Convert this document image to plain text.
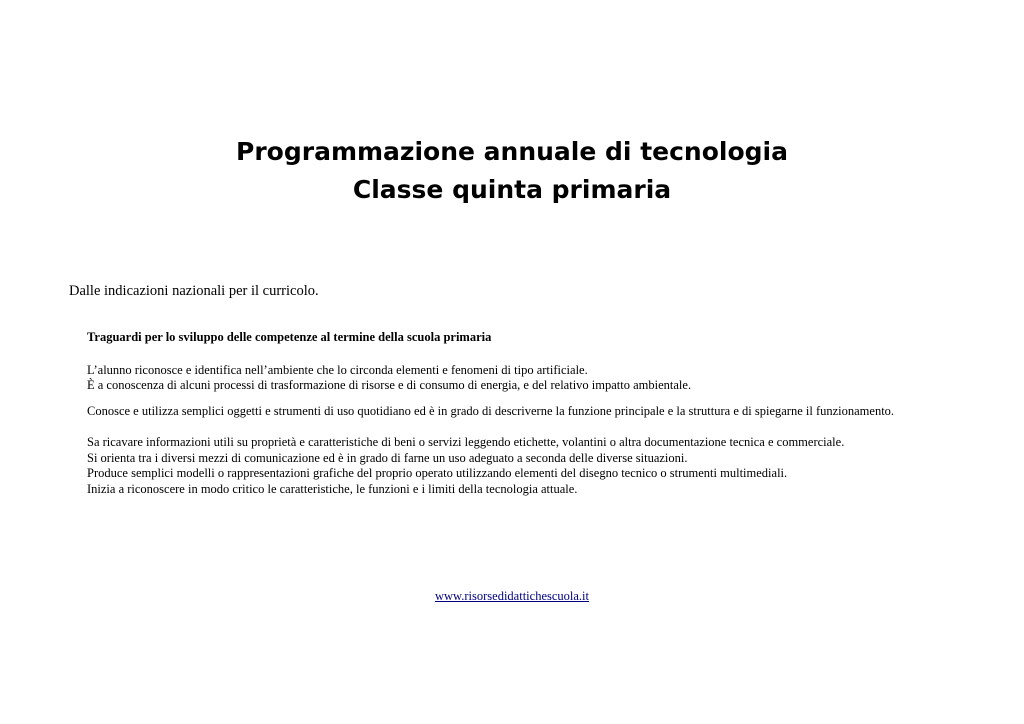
Programmazione annuale di tecnologia
Classe quinta primaria

Dalle indicazioni nazionali per il curricolo.

Traguardi per lo sviluppo delle competenze al termine della scuola primaria

L’alunno riconosce e identifica nell’ambiente che lo circonda elementi e fenomeni di tipo artificiale.

È a conoscenza di alcuni processi di trasformazione di risorse e di consumo di energia, e del relativo impatto ambientale.

Conosce e utilizza semplici oggetti e strumenti di uso quotidiano ed è in grado di descriverne la funzione principale e la struttura e di spiegarne il funzionamento.

Sa ricavare informazioni utili su proprietà e caratteristiche di beni o servizi leggendo etichette, volantini o altra documentazione tecnica e commerciale.

Si orienta tra i diversi mezzi di comunicazione ed è in grado di farne un uso adeguato a seconda delle diverse situazioni.

Produce semplici modelli o rappresentazioni grafiche del proprio operato utilizzando elementi del disegno tecnico o strumenti multimediali.

Inizia a riconoscere in modo critico le caratteristiche, le funzioni e i limiti della tecnologia attuale.

www.risorsedidattichescuola.it
